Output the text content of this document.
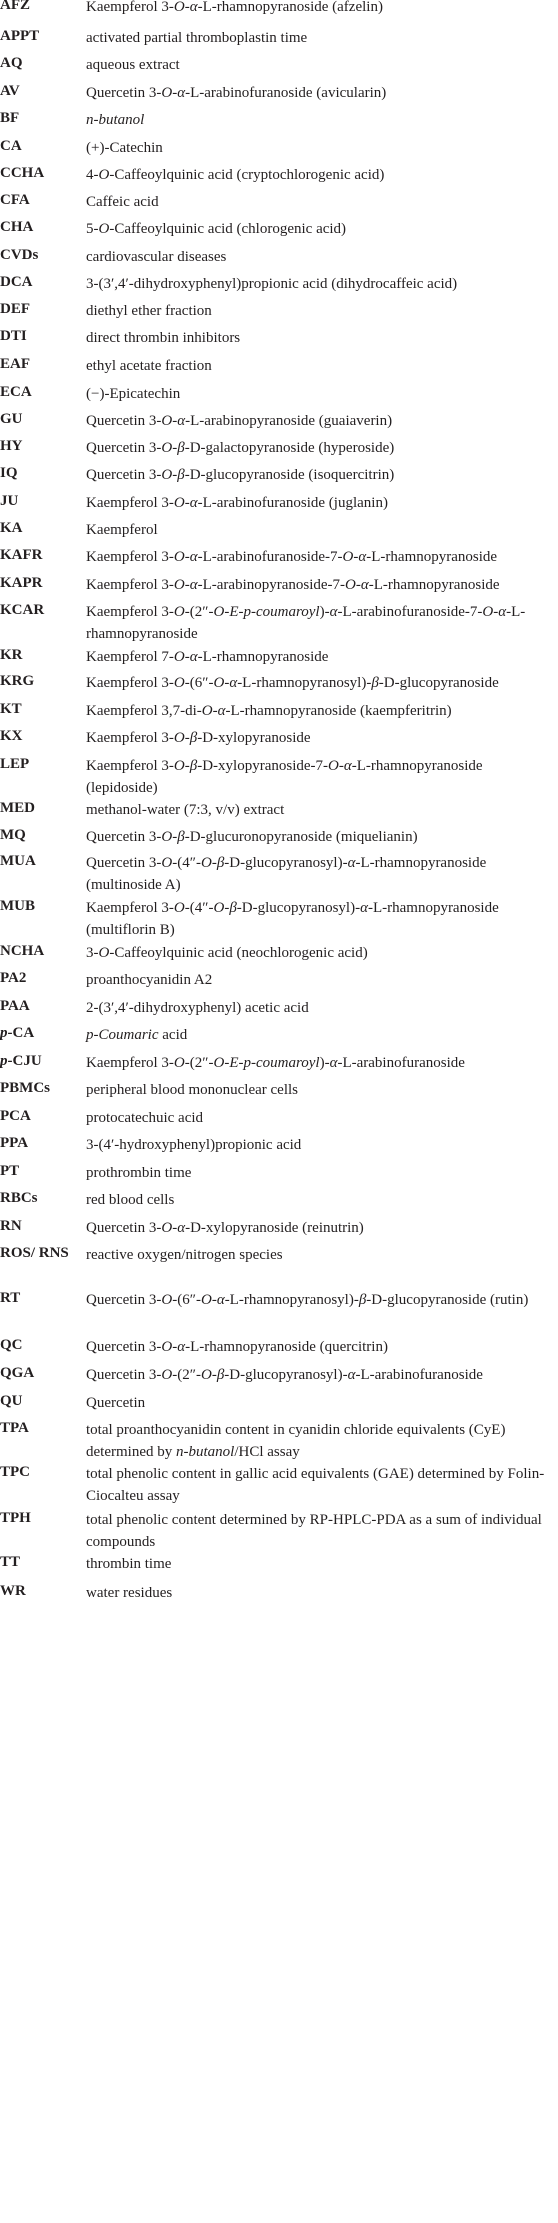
AFZ	Kaempferol 3-O-α-L-rhamnopyranoside (afzelin)
APPT	activated partial thromboplastin time
AQ	aqueous extract
AV	Quercetin 3-O-α-L-arabinofuranoside (avicularin)
BF	n-butanol
CA	(+)-Catechin
CCHA	4-O-Caffeoylquinic acid (cryptochlorogenic acid)
CFA	Caffeic acid
CHA	5-O-Caffeoylquinic acid (chlorogenic acid)
CVDs	cardiovascular diseases
DCA	3-(3′,4′-dihydroxyphenyl)propionic acid (dihydrocaffeic acid)
DEF	diethyl ether fraction
DTI	direct thrombin inhibitors
EAF	ethyl acetate fraction
ECA	(−)-Epicatechin
GU	Quercetin 3-O-α-L-arabinopyranoside (guaiaverin)
HY	Quercetin 3-O-β-D-galactopyranoside (hyperoside)
IQ	Quercetin 3-O-β-D-glucopyranoside (isoquercitrin)
JU	Kaempferol 3-O-α-L-arabinofuranoside (juglanin)
KA	Kaempferol
KAFR	Kaempferol 3-O-α-L-arabinofuranoside-7-O-α-L-rhamnopyranoside
KAPR	Kaempferol 3-O-α-L-arabinopyranoside-7-O-α-L-rhamnopyranoside
KCAR	Kaempferol 3-O-(2″-O-E-p-coumaroyl)-α-L-arabinofuranoside-7-O-α-L-rhamnopyranoside
KR	Kaempferol 7-O-α-L-rhamnopyranoside
KRG	Kaempferol 3-O-(6″-O-α-L-rhamnopyranosyl)-β-D-glucopyranoside
KT	Kaempferol 3,7-di-O-α-L-rhamnopyranoside (kaempferitrin)
KX	Kaempferol 3-O-β-D-xylopyranoside
LEP	Kaempferol 3-O-β-D-xylopyranoside-7-O-α-L-rhamnopyranoside (lepidoside)
MED	methanol-water (7:3, v/v) extract
MQ	Quercetin 3-O-β-D-glucuronopyranoside (miquelianin)
MUA	Quercetin 3-O-(4″-O-β-D-glucopyranosyl)-α-L-rhamnopyranoside (multinoside A)
MUB	Kaempferol 3-O-(4″-O-β-D-glucopyranosyl)-α-L-rhamnopyranoside (multiflorin B)
NCHA	3-O-Caffeoylquinic acid (neochlorogenic acid)
PA2	proanthocyanidin A2
PAA	2-(3′,4′-dihydroxyphenyl) acetic acid
p-CA	p-Coumaric acid
p-CJU	Kaempferol 3-O-(2″-O-E-p-coumaroyl)-α-L-arabinofuranoside
PBMCs	peripheral blood mononuclear cells
PCA	protocatechuic acid
PPA	3-(4′-hydroxyphenyl)propionic acid
PT	prothrombin time
RBCs	red blood cells
RN	Quercetin 3-O-α-D-xylopyranoside (reinutrin)
ROS/ RNS	reactive oxygen/nitrogen species
RT	Quercetin 3-O-(6″-O-α-L-rhamnopyranosyl)-β-D-glucopyranoside (rutin)
QC	Quercetin 3-O-α-L-rhamnopyranoside (quercitrin)
QGA	Quercetin 3-O-(2″-O-β-D-glucopyranosyl)-α-L-arabinofuranoside
QU	Quercetin
TPA	total proanthocyanidin content in cyanidin chloride equivalents (CyE) determined by n-butanol/HCl assay
TPC	total phenolic content in gallic acid equivalents (GAE) determined by Folin-Ciocalteu assay
TPH	total phenolic content determined by RP-HPLC-PDA as a sum of individual compounds
TT	thrombin time
WR	water residues
